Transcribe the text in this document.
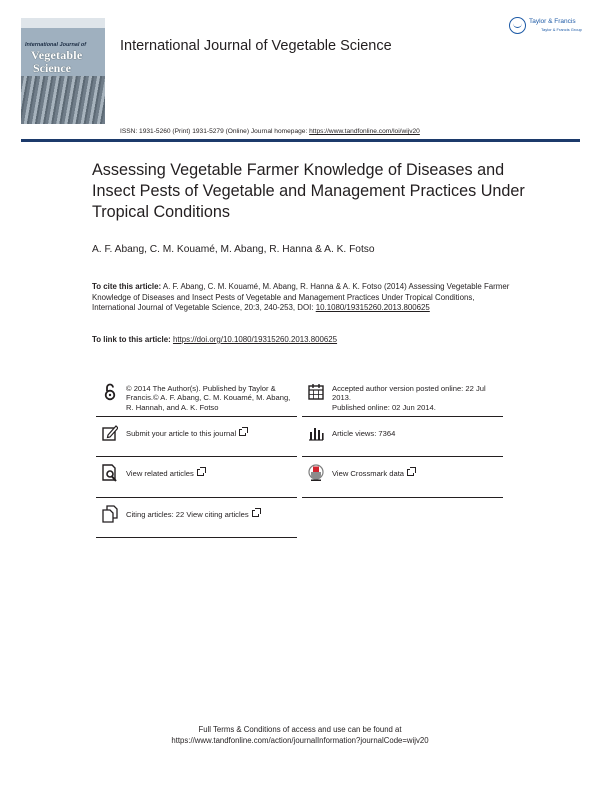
International Journal of
Vegetable
Science
International Journal of Vegetable Science
Taylor & Francis
Taylor & Francis Group
ISSN: 1931-5260 (Print) 1931-5279 (Online) Journal homepage: https://www.tandfonline.com/loi/wijv20
Assessing Vegetable Farmer Knowledge of Diseases and Insect Pests of Vegetable and Management Practices Under Tropical Conditions
A. F. Abang, C. M. Kouamé, M. Abang, R. Hanna & A. K. Fotso
To cite this article: A. F. Abang, C. M. Kouamé, M. Abang, R. Hanna & A. K. Fotso (2014) Assessing Vegetable Farmer Knowledge of Diseases and Insect Pests of Vegetable and Management Practices Under Tropical Conditions, International Journal of Vegetable Science, 20:3, 240-253, DOI: 10.1080/19315260.2013.800625
To link to this article: https://doi.org/10.1080/19315260.2013.800625
© 2014 The Author(s). Published by Taylor & Francis.© A. F. Abang, C. M. Kouamé, M. Abang, R. Hannah, and A. K. Fotso
Accepted author version posted online: 22 Jul 2013.
Published online: 02 Jun 2014.
Submit your article to this journal	Article views: 7364
View related articles	View Crossmark data
Citing articles: 22 View citing articles
Full Terms & Conditions of access and use can be found at
https://www.tandfonline.com/action/journalInformation?journalCode=wijv20
